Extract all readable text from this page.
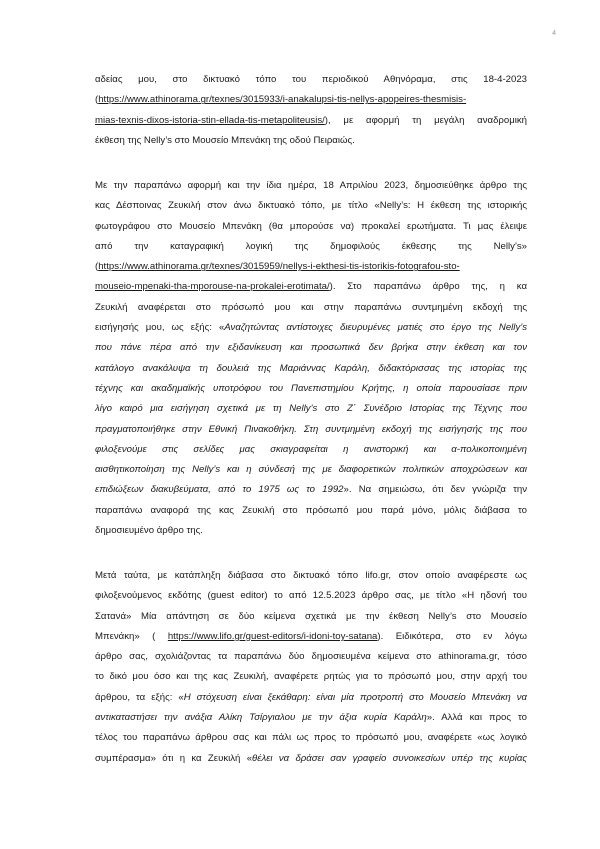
4
αδείας μου, στο δικτυακό τόπο του περιοδικού Αθηνόραμα, στις 18-4-2023
(https://www.athinorama.gr/texnes/3015933/i-anakalupsi-tis-nellys-apopeires-thesmisis-
mias-texnis-dixos-istoria-stin-ellada-tis-metapoliteusis/), με αφορμή τη μεγάλη αναδρομική
έκθεση της Nelly’s στο Μουσείο Μπενάκη της οδού Πειραιώς.
Με την παραπάνω αφορμή και την ίδια ημέρα, 18 Απριλίου 2023, δημοσιεύθηκε άρθρο της
κας Δέσποινας Ζευκιλή στον άνω δικτυακό τόπο, με τίτλο «Nelly’s: Η έκθεση της ιστορικής
φωτογράφου στο Μουσείο Μπενάκη (θα μπορούσε να) προκαλεί ερωτήματα. Τι μας έλειψε
από την καταγραφική λογική της δημοφιλούς έκθεσης της Nelly’s»
(https://www.athinorama.gr/texnes/3015959/nellys-i-ekthesi-tis-istorikis-fotografou-sto-
mouseio-mpenaki-tha-mporouse-na-prokalei-erotimata/). Στο παραπάνω άρθρο της, η κα
Ζευκιλή αναφέρεται στο πρόσωπό μου και στην παραπάνω συντμημένη εκδοχή της
εισήγησής μου, ως εξής: «Αναζητώντας αντίστοιχες διευρυμένες ματιές στο έργο της Nelly’s
που πάνε πέρα από την εξιδανίκευση και προσωπικά δεν βρήκα στην έκθεση και τον
κατάλογο ανακάλυψα τη δουλειά της Μαριάννας Καράλη, διδακτόρισσας της ιστορίας της
τέχνης και ακαδημαϊκής υποτρόφου του Πανεπιστημίου Κρήτης, η οποία παρουσίασε πριν
λίγο καιρό μια εισήγηση σχετικά με τη Nelly’s στο Ζ΄ Συνέδριο Ιστορίας της Τέχνης που
πραγματοποιήθηκε στην Εθνική Πινακοθήκη. Στη συντμημένη εκδοχή της εισήγησής της που
φιλοξενούμε στις σελίδες μας σκιαγραφείται η ανιστορική και α-πολικοποιημένη
αισθητικοποίηση της Nelly’s και η σύνδεσή της με διαφορετικών πολιτικών αποχρώσεων και
επιδιώξεων διακυβεύματα, από το 1975 ως το 1992». Να σημειώσω, ότι δεν γνώριζα την
παραπάνω αναφορά της κας Ζευκιλή στο πρόσωπό μου παρά μόνο, μόλις διάβασα το
δημοσιευμένο άρθρο της.
Μετά ταύτα, με κατάπληξη διάβασα στο δικτυακό τόπο lifo.gr, στον οποίο αναφέρεστε ως
φιλοξενούμενος εκδότης (guest editor) το από 12.5.2023 άρθρο σας, με τίτλο «Η ηδονή του
Σατανά» Μία απάντηση σε δύο κείμενα σχετικά με την έκθεση Nelly’s στο Μουσείο
Μπενάκη» ( https://www.lifo.gr/guest-editors/i-idoni-toy-satana). Ειδικότερα, στο εν λόγω
άρθρο σας, σχολιάζοντας τα παραπάνω δύο δημοσιευμένα κείμενα στο athinorama.gr, τόσο
το δικό μου όσο και της κας Ζευκιλή, αναφέρετε ρητώς για το πρόσωπό μου, στην αρχή του
άρθρου, τα εξής: «Η στόχευση είναι ξεκάθαρη: είναι μία προτροπή στο Μουσείο Μπενάκη να
αντικαταστήσει την ανάξια Αλίκη Τσίργιαλου με την άξια κυρία Καράλη». Αλλά και προς το
τέλος του παραπάνω άρθρου σας και πάλι ως προς το πρόσωπό μου, αναφέρετε «ως λογικό
συμπέρασμα» ότι η κα Ζευκιλή «θέλει να δράσει σαν γραφείο συνοικεσίων υπέρ της κυρίας
